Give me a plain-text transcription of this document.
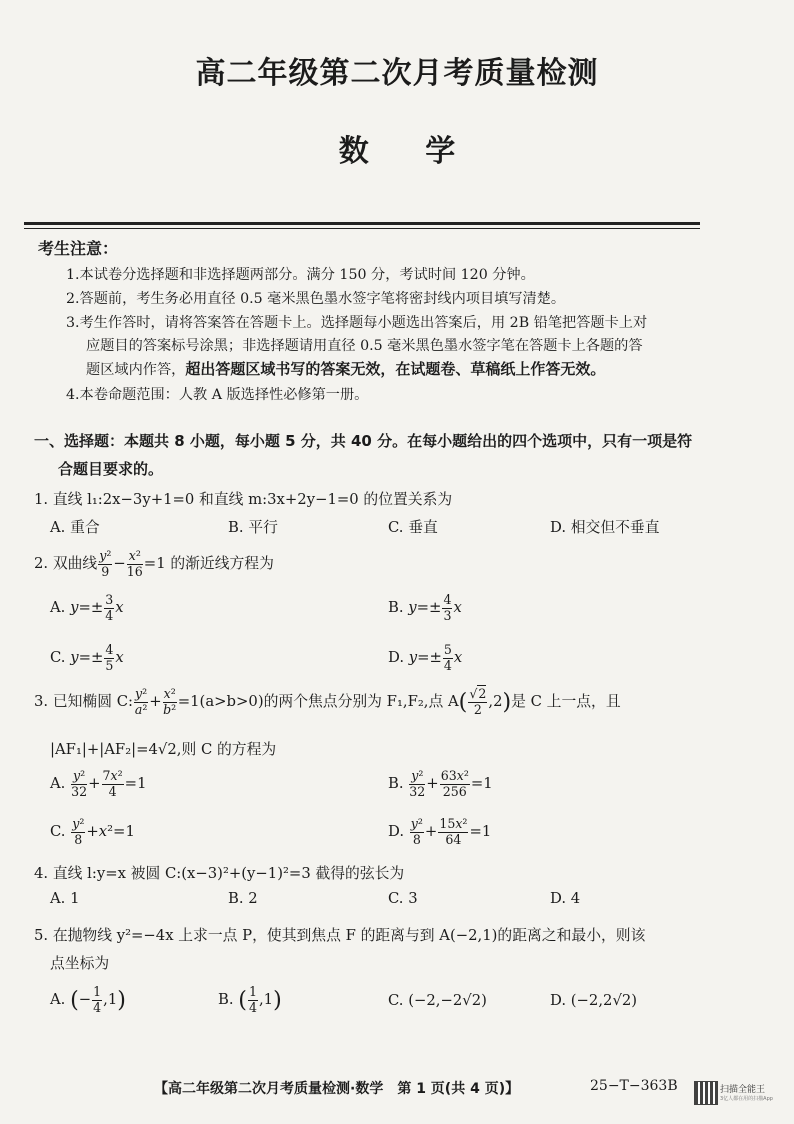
高二年级第二次月考质量检测
数 学
考生注意：
1.本试卷分选择题和非选择题两部分。满分 150 分，考试时间 120 分钟。
2.答题前，考生务必用直径 0.5 毫米黑色墨水签字笔将密封线内项目填写清楚。
3.考生作答时，请将答案答在答题卡上。选择题每小题选出答案后，用 2B 铅笔把答题卡上对
应题目的答案标号涂黑；非选择题请用直径 0.5 毫米黑色墨水签字笔在答题卡上各题的答
题区域内作答，超出答题区域书写的答案无效，在试题卷、草稿纸上作答无效。
4.本卷命题范围：人教 A 版选择性必修第一册。
一、选择题：本题共 8 小题，每小题 5 分，共 40 分。在每小题给出的四个选项中，只有一项是符
合题目要求的。
1. 直线 l₁:2x−3y+1=0 和直线 m:3x+2y−1=0 的位置关系为
A. 重合	B. 平行	C. 垂直	D. 相交但不垂直
2. 双曲线 $\frac{\text{y²}}{9} - \frac{\text{x²}}{16} =1$ 的渐近线方程为
A. $y=\pm \frac{3}{4}$ x	B. $y=\pm \frac{4}{3}$ x
C. $y=\pm \frac{4}{5}$ x	D. $y=\pm \frac{5}{4}$ x
3. 已知椭圆 C: $\frac{\text{y²}}{\text{a²}} + \frac{\text{x²}}{\text{b²}} =1(a>b>0)$的两个焦点分别为 F₁,F₂,点 $A( \frac{√2}{2} ,2)$是 C 上一点，且
|AF₁|+|AF₂|=4√2,则 C 的方程为
A. $\frac{\text{y²}}{32} + \frac{\text{7x²}}{4} =1$	B. $\frac{\text{y²}}{32} + \frac{\text{63x²}}{256} =1$
C. $\frac{\text{y²}}{8} +x^2=1$	D. $\frac{\text{y²}}{8} + \frac{\text{15x²}}{64} =1$
4. 直线 l:y=x 被圆 C:(x−3)²+(y−1)²=3 截得的弦长为
A. 1	B. 2	C. 3	D. 4
5. 在抛物线 y²=−4x 上求一点 P，使其到焦点 F 的距离与到 A(−2,1)的距离之和最小，则该
点坐标为
A. (− $\frac{1}{4} ,1$)	B. ( $\frac{1}{4} ,1$)	C. (−2,−2√2)	D. (−2,2√2)
【高二年级第二次月考质量检测·数学　第 1 页(共 4 页)】	25−T−363B	扫描全能王
3亿人都在用的扫描App
